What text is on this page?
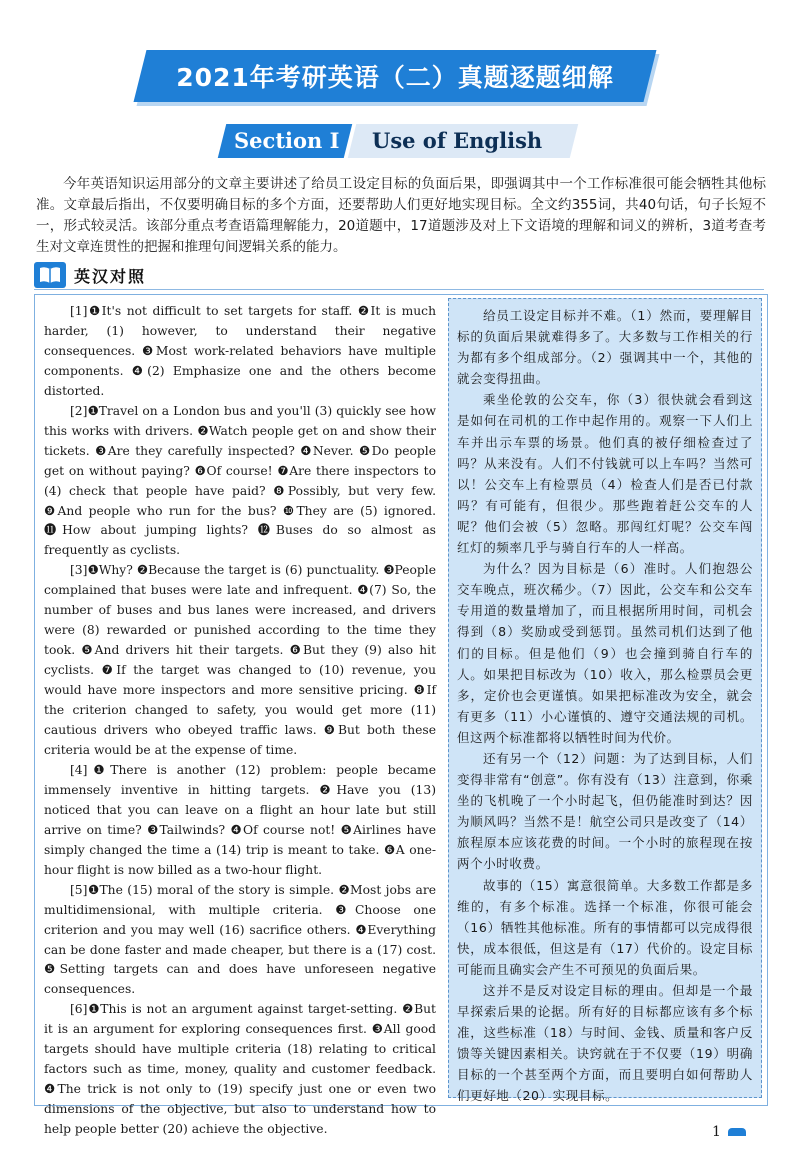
2021年考研英语（二）真题逐题细解
Section Ⅰ Use of English
今年英语知识运用部分的文章主要讲述了给员工设定目标的负面后果，即强调其中一个工作标准很可能会牺牲其他标准。文章最后指出，不仅要明确目标的多个方面，还要帮助人们更好地实现目标。全文约355词，共40句话，句子长短不一，形式较灵活。该部分重点考查语篇理解能力，20道题中，17道题涉及对上下文语境的理解和词义的辨析，3道考查考生对文章连贯性的把握和推理句间逻辑关系的能力。
英汉对照

[1]❶It's not difficult to set targets for staff. ❷It is much harder, (1) however, to understand their negative consequences. ❸Most work-related behaviors have multiple components. ❹(2) Emphasize one and the others become distorted.

[2]❶Travel on a London bus and you'll (3) quickly see how this works with drivers. ❷Watch people get on and show their tickets. ❸Are they carefully inspected? ❹Never. ❺Do people get on without paying? ❻Of course! ❼Are there inspectors to (4) check that people have paid? ❽Possibly, but very few. ❾And people who run for the bus? ❿They are (5) ignored. ⓫How about jumping lights? ⓬Buses do so almost as frequently as cyclists.

[3]❶Why? ❷Because the target is (6) punctuality. ❸People complained that buses were late and infrequent. ❹(7) So, the number of buses and bus lanes were increased, and drivers were (8) rewarded or punished according to the time they took. ❺And drivers hit their targets. ❻But they (9) also hit cyclists. ❼If the target was changed to (10) revenue, you would have more inspectors and more sensitive pricing. ❽If the criterion changed to safety, you would get more (11) cautious drivers who obeyed traffic laws. ❾But both these criteria would be at the expense of time.

[4]❶There is another (12) problem: people became immensely inventive in hitting targets. ❷Have you (13) noticed that you can leave on a flight an hour late but still arrive on time? ❸Tailwinds? ❹Of course not! ❺Airlines have simply changed the time a (14) trip is meant to take. ❻A one-hour flight is now billed as a two-hour flight.

[5]❶The (15) moral of the story is simple. ❷Most jobs are multidimensional, with multiple criteria. ❸Choose one criterion and you may well (16) sacrifice others. ❹Everything can be done faster and made cheaper, but there is a (17) cost. ❺Setting targets can and does have unforeseen negative consequences.

[6]❶This is not an argument against target-setting. ❷But it is an argument for exploring consequences first. ❸All good targets should have multiple criteria (18) relating to critical factors such as time, money, quality and customer feedback. ❹The trick is not only to (19) specify just one or even two dimensions of the objective, but also to understand how to help people better (20) achieve the objective.

给员工设定目标并不难。（1）然而，要理解目标的负面后果就难得多了。大多数与工作相关的行为都有多个组成部分。（2）强调其中一个，其他的就会变得扭曲。

乘坐伦敦的公交车，你（3）很快就会看到这是如何在司机的工作中起作用的。观察一下人们上车并出示车票的场景。他们真的被仔细检查过了吗？从来没有。人们不付钱就可以上车吗？当然可以！公交车上有检票员（4）检查人们是否已付款吗？有可能有，但很少。那些跑着赶公交车的人呢？他们会被（5）忽略。那闯红灯呢？公交车闯红灯的频率几乎与骑自行车的人一样高。

为什么？因为目标是（6）准时。人们抱怨公交车晚点，班次稀少。（7）因此，公交车和公交车专用道的数量增加了，而且根据所用时间，司机会得到（8）奖励或受到惩罚。虽然司机们达到了他们的目标。但是他们（9）也会撞到骑自行车的人。如果把目标改为（10）收入，那么检票员会更多，定价也会更谨慎。如果把标准改为安全，就会有更多（11）小心谨慎的、遵守交通法规的司机。但这两个标准都将以牺牲时间为代价。

还有另一个（12）问题：为了达到目标，人们变得非常有“创意”。你有没有（13）注意到，你乘坐的飞机晚了一个小时起飞，但仍能准时到达？因为顺风吗？当然不是！航空公司只是改变了（14）旅程原本应该花费的时间。一个小时的旅程现在按两个小时收费。

故事的（15）寓意很简单。大多数工作都是多维的，有多个标准。选择一个标准，你很可能会（16）牺牲其他标准。所有的事情都可以完成得很快，成本很低，但这是有（17）代价的。设定目标可能而且确实会产生不可预见的负面后果。

这并不是反对设定目标的理由。但却是一个最早探索后果的论据。所有好的目标都应该有多个标准，这些标准（18）与时间、金钱、质量和客户反馈等关键因素相关。诀窍就在于不仅要（19）明确目标的一个甚至两个方面，而且要明白如何帮助人们更好地（20）实现目标。

1
